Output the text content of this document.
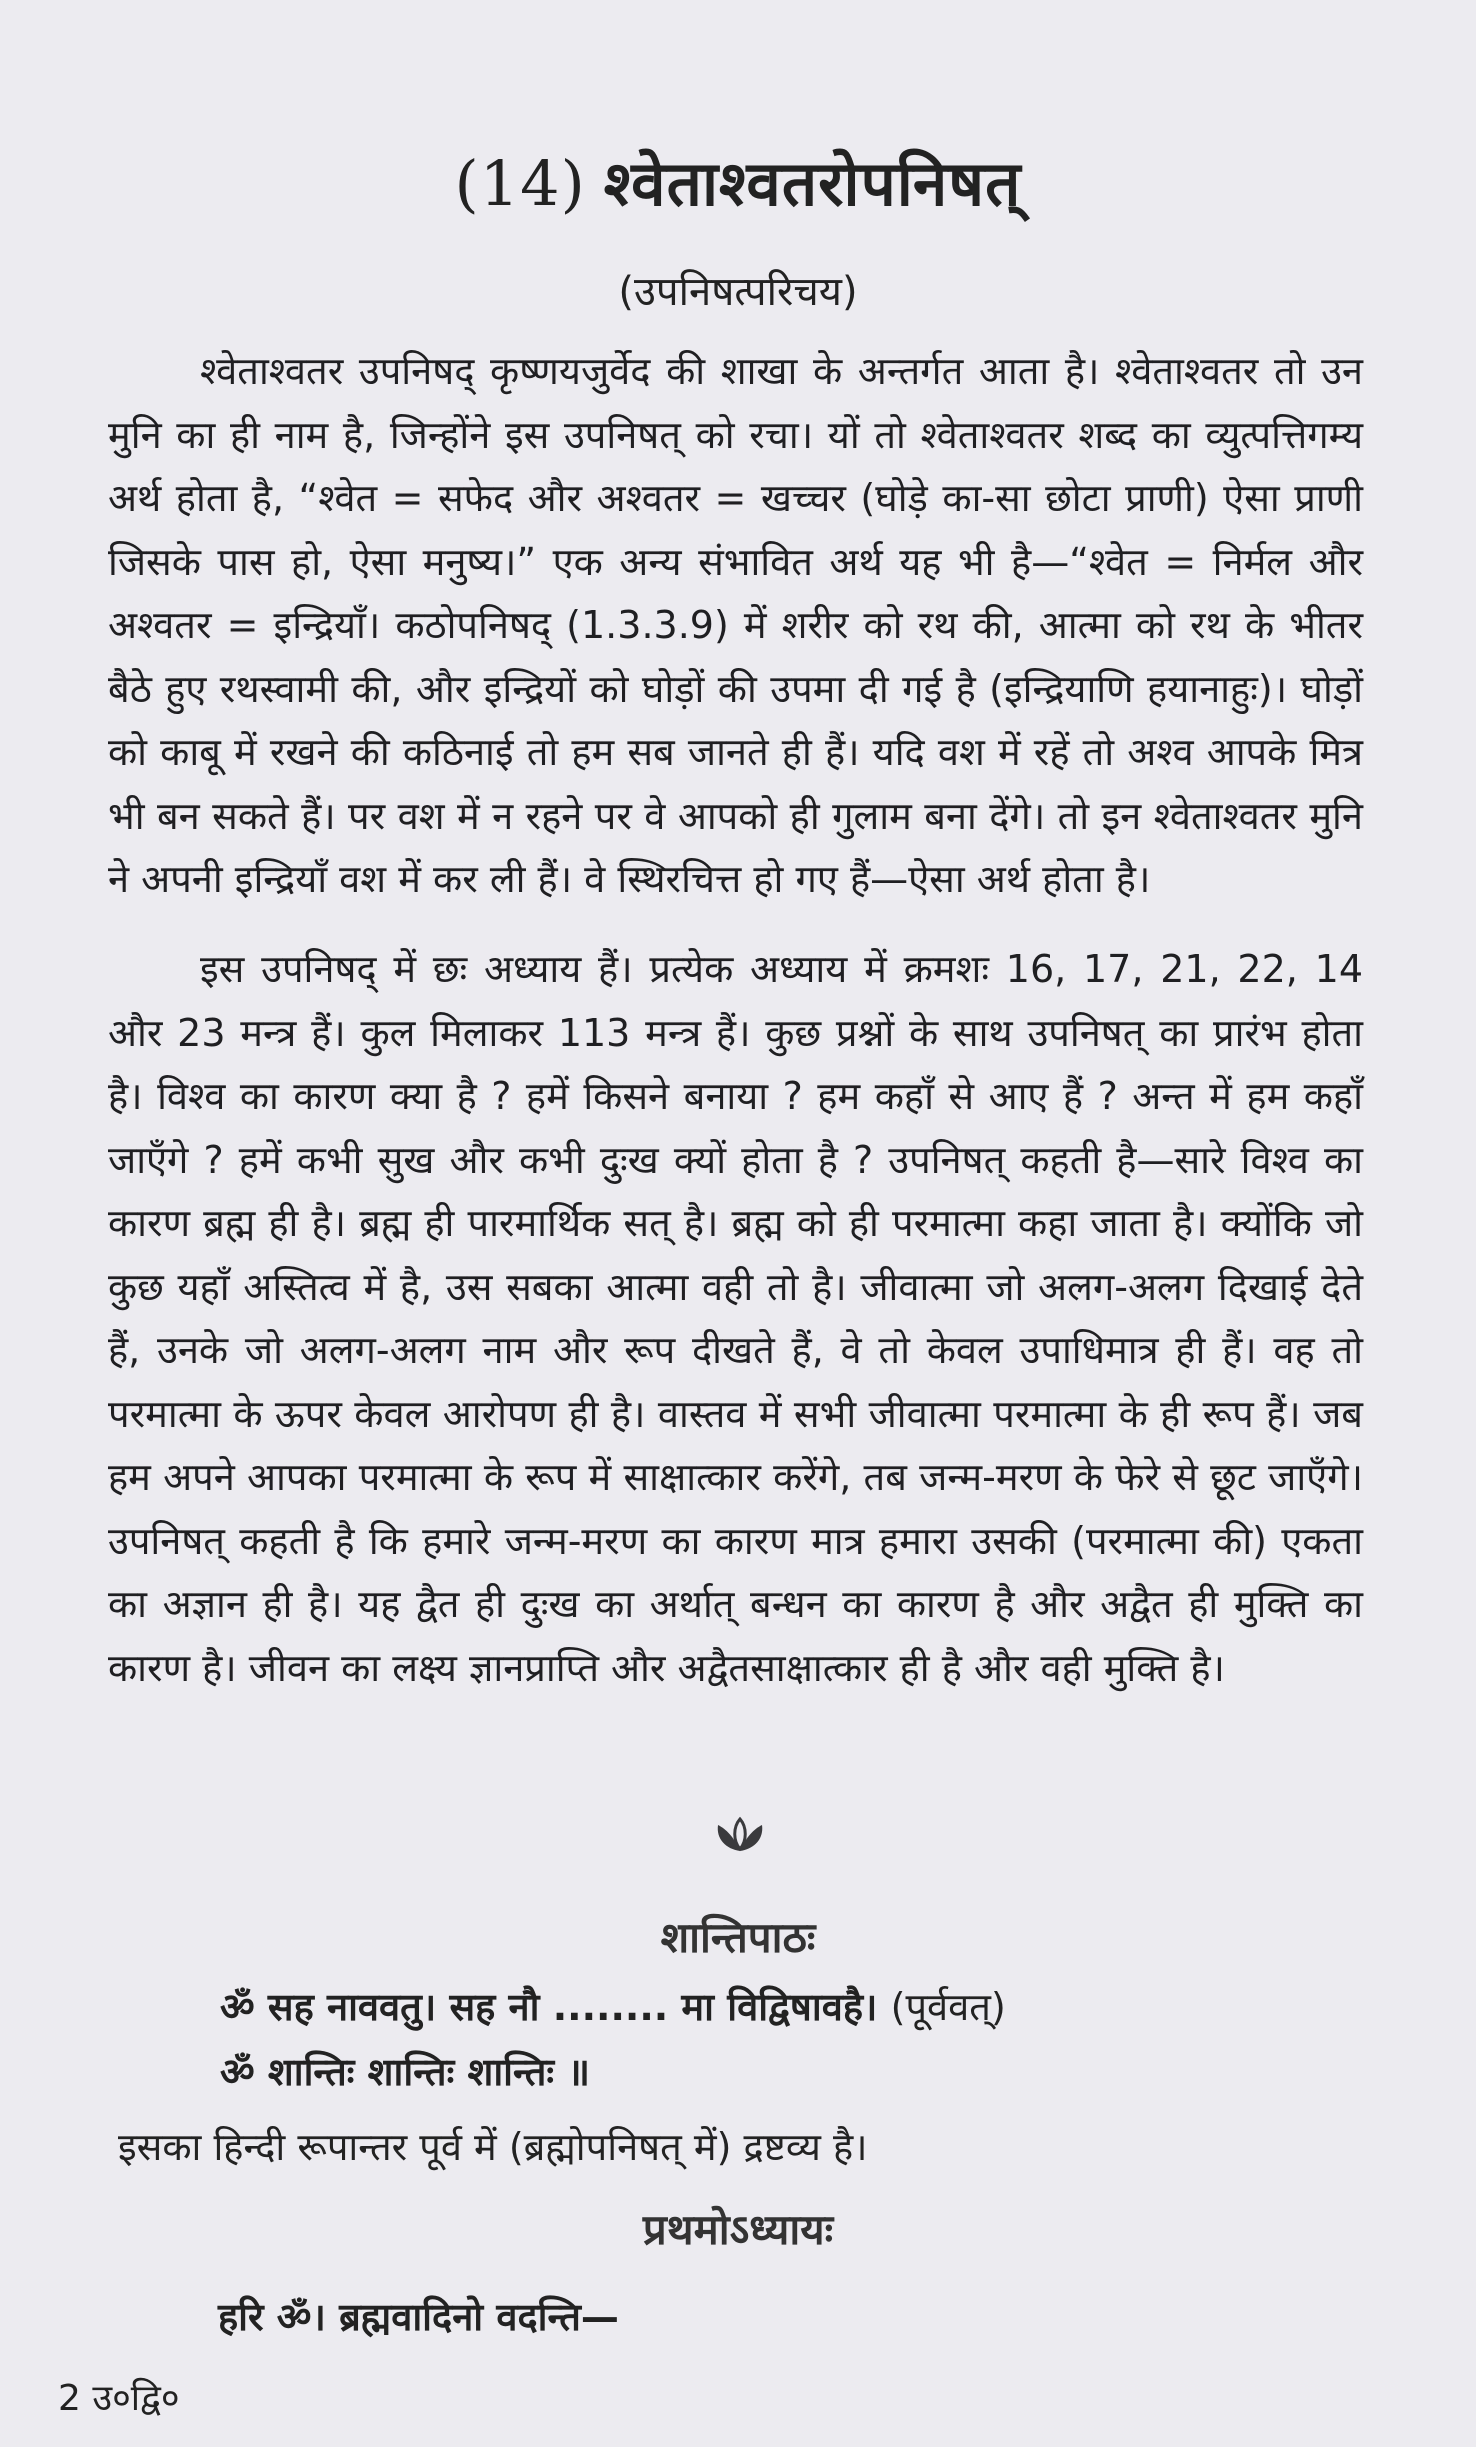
(14) श्वेताश्वतरोपनिषत्
(उपनिषत्परिचय)
श्वेताश्वतर उपनिषद् कृष्णयजुर्वेद की शाखा के अन्तर्गत आता है। श्वेताश्वतर तो उन मुनि का ही नाम है, जिन्होंने इस उपनिषत् को रचा। यों तो श्वेताश्वतर शब्द का व्युत्पत्तिगम्य अर्थ होता है, “श्वेत = सफेद और अश्वतर = खच्चर (घोड़े का-सा छोटा प्राणी) ऐसा प्राणी जिसके पास हो, ऐसा मनुष्य।” एक अन्य संभावित अर्थ यह भी है—“श्वेत = निर्मल और अश्वतर = इन्द्रियाँ। कठोपनिषद् (1.3.3.9) में शरीर को रथ की, आत्मा को रथ के भीतर बैठे हुए रथस्वामी की, और इन्द्रियों को घोड़ों की उपमा दी गई है (इन्द्रियाणि हयानाहुः)। घोड़ों को काबू में रखने की कठिनाई तो हम सब जानते ही हैं। यदि वश में रहें तो अश्व आपके मित्र भी बन सकते हैं। पर वश में न रहने पर वे आपको ही गुलाम बना देंगे। तो इन श्वेताश्वतर मुनि ने अपनी इन्द्रियाँ वश में कर ली हैं। वे स्थिरचित्त हो गए हैं—ऐसा अर्थ होता है।
इस उपनिषद् में छः अध्याय हैं। प्रत्येक अध्याय में क्रमशः 16, 17, 21, 22, 14 और 23 मन्त्र हैं। कुल मिलाकर 113 मन्त्र हैं। कुछ प्रश्नों के साथ उपनिषत् का प्रारंभ होता है। विश्व का कारण क्या है ? हमें किसने बनाया ? हम कहाँ से आए हैं ? अन्त में हम कहाँ जाएँगे ? हमें कभी सुख और कभी दुःख क्यों होता है ? उपनिषत् कहती है—सारे विश्व का कारण ब्रह्म ही है। ब्रह्म ही पारमार्थिक सत् है। ब्रह्म को ही परमात्मा कहा जाता है। क्योंकि जो कुछ यहाँ अस्तित्व में है, उस सबका आत्मा वही तो है। जीवात्मा जो अलग-अलग दिखाई देते हैं, उनके जो अलग-अलग नाम और रूप दीखते हैं, वे तो केवल उपाधिमात्र ही हैं। वह तो परमात्मा के ऊपर केवल आरोपण ही है। वास्तव में सभी जीवात्मा परमात्मा के ही रूप हैं। जब हम अपने आपका परमात्मा के रूप में साक्षात्कार करेंगे, तब जन्म-मरण के फेरे से छूट जाएँगे। उपनिषत् कहती है कि हमारे जन्म-मरण का कारण मात्र हमारा उसकी (परमात्मा की) एकता का अज्ञान ही है। यह द्वैत ही दुःख का अर्थात् बन्धन का कारण है और अद्वैत ही मुक्ति का कारण है। जीवन का लक्ष्य ज्ञानप्राप्ति और अद्वैतसाक्षात्कार ही है और वही मुक्ति है।
शान्तिपाठः
ॐ सह नाववतु। सह नौ ........ मा विद्विषावहै। (पूर्ववत्)
ॐ शान्तिः शान्तिः शान्तिः ॥
इसका हिन्दी रूपान्तर पूर्व में (ब्रह्मोपनिषत् में) द्रष्टव्य है।
प्रथमोऽध्यायः
हरि ॐ। ब्रह्मवादिनो वदन्ति—
2 उ०द्वि०
